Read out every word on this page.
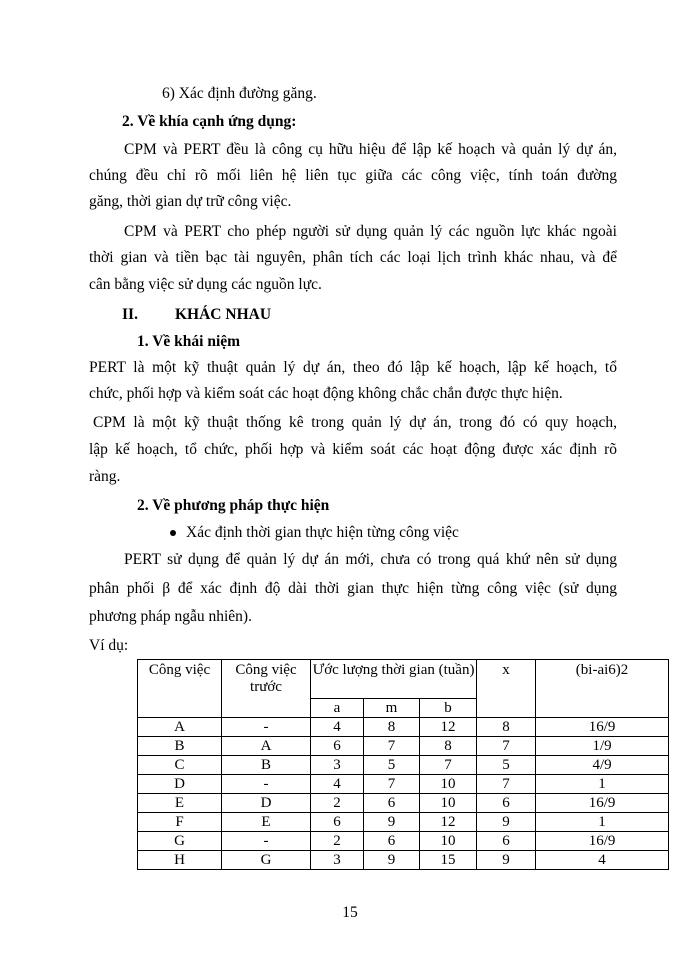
6) Xác định đường găng.
2. Về khía cạnh ứng dụng:
CPM và PERT đều là công cụ hữu hiệu để lập kế hoạch và quản lý dự án,
chúng đều chỉ rõ mối liên hệ liên tục giữa các công việc, tính toán đường
găng, thời gian dự trữ công việc.
CPM và PERT cho phép người sử dụng quản lý các nguồn lực khác ngoài
thời gian và tiền bạc tài nguyên, phân tích các loại lịch trình khác nhau, và để
cân bằng việc sử dụng các nguồn lực.
II. KHÁC NHAU
1. Về khái niệm
PERT là một kỹ thuật quản lý dự án, theo đó lập kế hoạch, lập kế hoạch, tổ
chức, phối hợp và kiểm soát các hoạt động không chắc chắn được thực hiện.
CPM là một kỹ thuật thống kê trong quản lý dự án, trong đó có quy hoạch,
lập kế hoạch, tổ chức, phối hợp và kiểm soát các hoạt động được xác định rõ
ràng.
2. Về phương pháp thực hiện
Xác định thời gian thực hiện từng công việc
PERT sử dụng để quản lý dự án mới, chưa có trong quá khứ nên sử dụng
phân phối β để xác định độ dài thời gian thực hiện từng công việc (sử dụng
phương pháp ngẫu nhiên).
Ví dụ:
Công việc	Công việc trước	Ước lượng thời gian (tuần)			x	(bi-ai6)2
		a	m	b		
A	-	4	8	12	8	16/9
B	A	6	7	8	7	1/9
C	B	3	5	7	5	4/9
D	-	4	7	10	7	1
E	D	2	6	10	6	16/9
F	E	6	9	12	9	1
G	-	2	6	10	6	16/9
H	G	3	9	15	9	4
15
